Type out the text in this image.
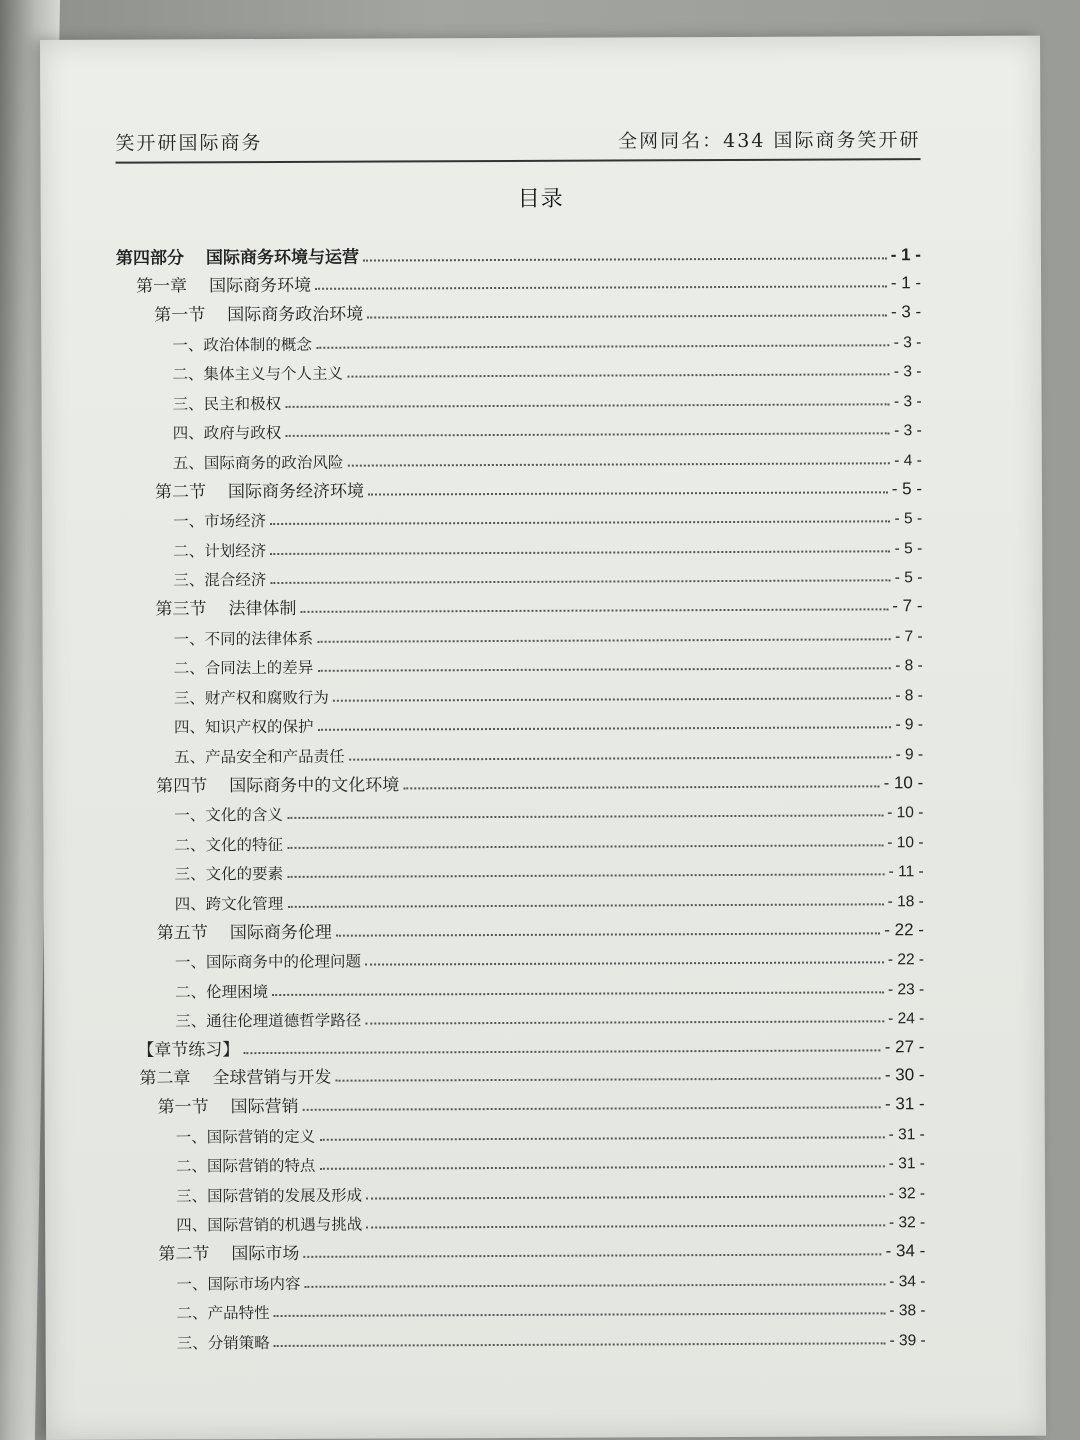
笑开研国际商务	全网同名：434 国际商务笑开研
目录
第四部分 国际商务环境与运营	- 1 -
第一章 国际商务环境	- 1 -
第一节 国际商务政治环境	- 3 -
一、政治体制的概念	- 3 -
二、集体主义与个人主义	- 3 -
三、民主和极权	- 3 -
四、政府与政权	- 3 -
五、国际商务的政治风险	- 4 -
第二节 国际商务经济环境	- 5 -
一、市场经济	- 5 -
二、计划经济	- 5 -
三、混合经济	- 5 -
第三节 法律体制	- 7 -
一、不同的法律体系	- 7 -
二、合同法上的差异	- 8 -
三、财产权和腐败行为	- 8 -
四、知识产权的保护	- 9 -
五、产品安全和产品责任	- 9 -
第四节 国际商务中的文化环境	- 10 -
一、文化的含义	- 10 -
二、文化的特征	- 10 -
三、文化的要素	- 11 -
四、跨文化管理	- 18 -
第五节 国际商务伦理	- 22 -
一、国际商务中的伦理问题	- 22 -
二、伦理困境	- 23 -
三、通往伦理道德哲学路径	- 24 -
【章节练习】	- 27 -
第二章 全球营销与开发	- 30 -
第一节 国际营销	- 31 -
一、国际营销的定义	- 31 -
二、国际营销的特点	- 31 -
三、国际营销的发展及形成	- 32 -
四、国际营销的机遇与挑战	- 32 -
第二节 国际市场	- 34 -
一、国际市场内容	- 34 -
二、产品特性	- 38 -
三、分销策略	- 39 -
